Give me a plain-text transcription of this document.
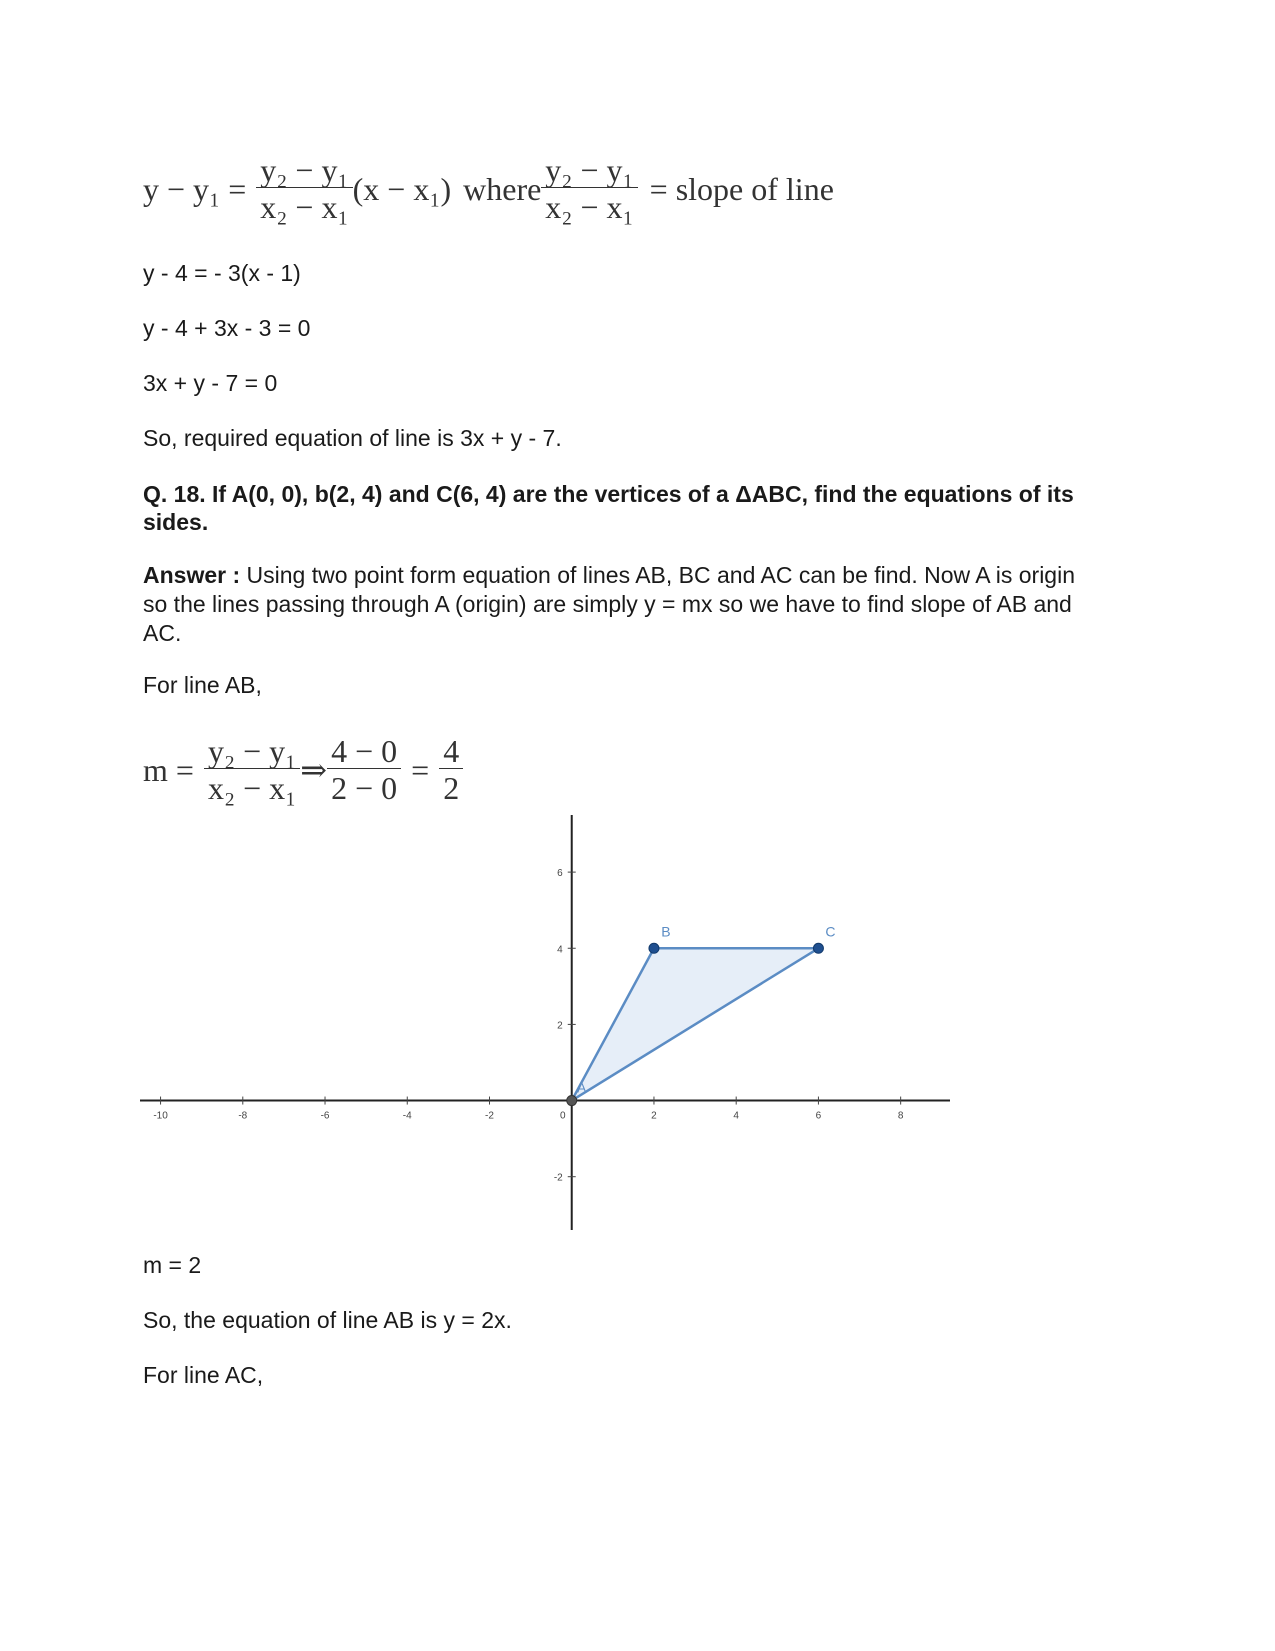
$y - y_1 = \frac{\text{y₂ − y₁}}{\text{x₂ − x₁}} (x - x_1)$ where $\frac{\text{y₂ − y₁}}{\text{x₂ − x₁}}$ = slope of line
y - 4 = - 3(x - 1)
y - 4 + 3x - 3 = 0
3x + y - 7 = 0
So, required equation of line is 3x + y - 7.
Q. 18. If A(0, 0), b(2, 4) and C(6, 4) are the vertices of a ΔABC, find the equations of its sides.
Answer : Using two point form equation of lines AB, BC and AC can be find. Now A is origin so the lines passing through A (origin) are simply y = mx so we have to find slope of AB and AC.
For line AB,
$m = \frac{\text{y₂ − y₁}}{\text{x₂ − x₁}}$ ⇒ $\frac{4 - 0}{2 - 0} = \frac{4}{2}$
-10	-8	-6	-4	-2	0	2	4	6	8
-2
2
4
6
A
B	C
m = 2
So, the equation of line AB is y = 2x.
For line AC,
